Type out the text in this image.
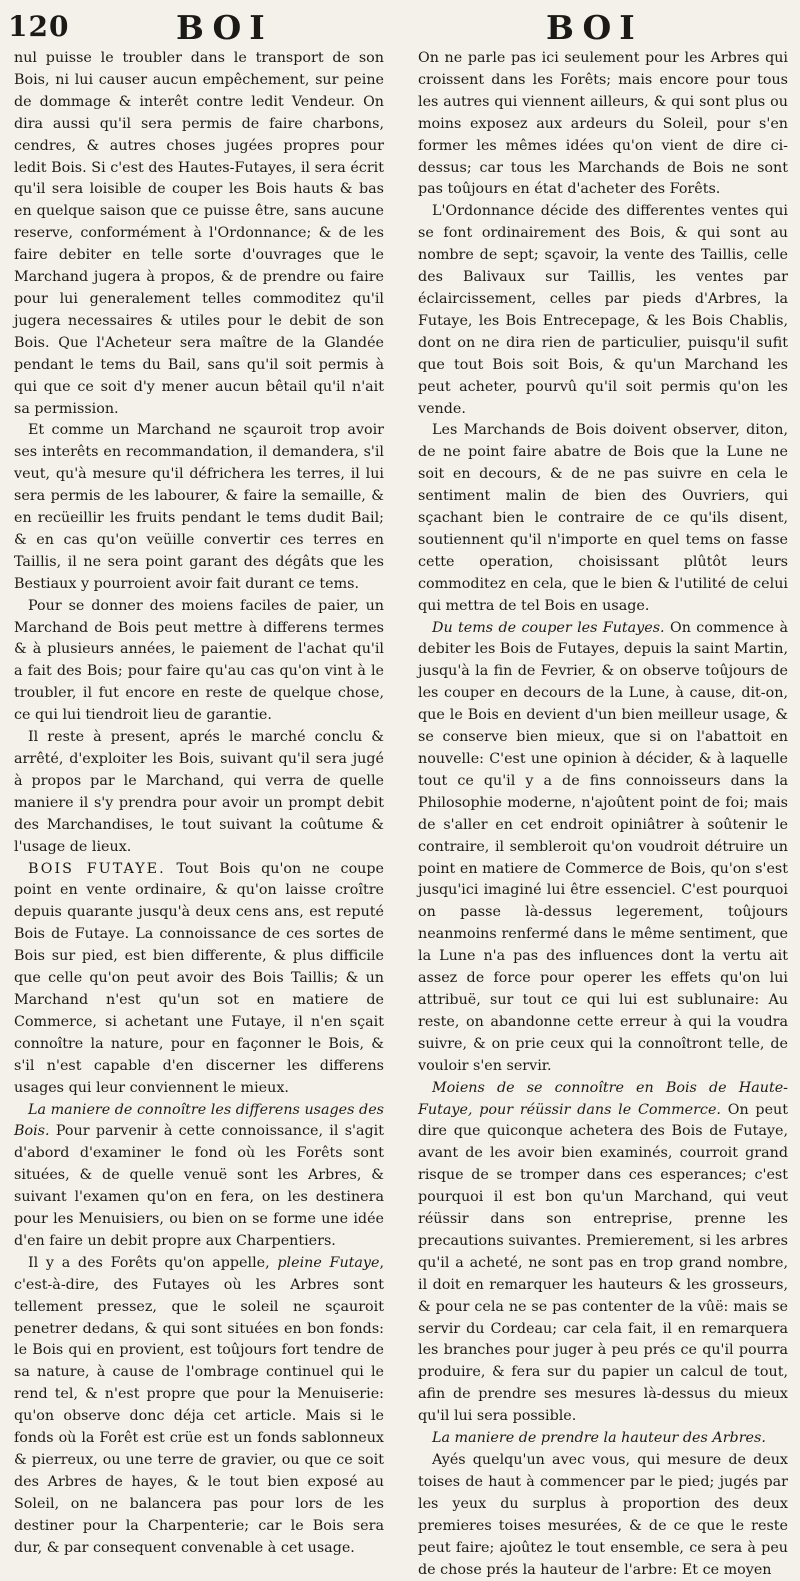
120	BOI	BOI

nul puisse le troubler dans le transport de son Bois, ni lui causer aucun empêchement, sur peine de dommage & interêt contre ledit Vendeur. On dira aussi qu'il sera permis de faire charbons, cendres, & autres choses jugées propres pour ledit Bois. Si c'est des Hautes-Futayes, il sera écrit qu'il sera loisible de couper les Bois hauts & bas en quelque saison que ce puisse être, sans aucune reserve, conformément à l'Ordonnance; & de les faire debiter en telle sorte d'ouvrages que le Marchand jugera à propos, & de prendre ou faire pour lui generalement telles commoditez qu'il jugera necessaires & utiles pour le debit de son Bois. Que l'Acheteur sera maître de la Glandée pendant le tems du Bail, sans qu'il soit permis à qui que ce soit d'y mener aucun bêtail qu'il n'ait sa permission.

Et comme un Marchand ne sçauroit trop avoir ses interêts en recommandation, il demandera, s'il veut, qu'à mesure qu'il défrichera les terres, il lui sera permis de les labourer, & faire la semaille, & en recüeillir les fruits pendant le tems dudit Bail; & en cas qu'on veüille convertir ces terres en Taillis, il ne sera point garant des dégâts que les Bestiaux y pourroient avoir fait durant ce tems.

Pour se donner des moiens faciles de paier, un Marchand de Bois peut mettre à differens termes & à plusieurs années, le paiement de l'achat qu'il a fait des Bois; pour faire qu'au cas qu'on vint à le troubler, il fut encore en reste de quelque chose, ce qui lui tiendroit lieu de garantie.

Il reste à present, aprés le marché conclu & arrêté, d'exploiter les Bois, suivant qu'il sera jugé à propos par le Marchand, qui verra de quelle maniere il s'y prendra pour avoir un prompt debit des Marchandises, le tout suivant la coûtume & l'usage de lieux.

BOIS FUTAYE. Tout Bois qu'on ne coupe point en vente ordinaire, & qu'on laisse croître depuis quarante jusqu'à deux cens ans, est reputé Bois de Futaye. La connoissance de ces sortes de Bois sur pied, est bien differente, & plus difficile que celle qu'on peut avoir des Bois Taillis; & un Marchand n'est qu'un sot en matiere de Commerce, si achetant une Futaye, il n'en sçait connoître la nature, pour en façonner le Bois, & s'il n'est capable d'en discerner les differens usages qui leur conviennent le mieux.

La maniere de connoître les differens usages des Bois. Pour parvenir à cette connoissance, il s'agit d'abord d'examiner le fond où les Forêts sont situées, & de quelle venuë sont les Arbres, & suivant l'examen qu'on en fera, on les destinera pour les Menuisiers, ou bien on se forme une idée d'en faire un debit propre aux Charpentiers.

Il y a des Forêts qu'on appelle, pleine Futaye, c'est-à-dire, des Futayes où les Arbres sont tellement pressez, que le soleil ne sçauroit penetrer dedans, & qui sont situées en bon fonds: le Bois qui en provient, est toûjours fort tendre de sa nature, à cause de l'ombrage continuel qui le rend tel, & n'est propre que pour la Menuiserie: qu'on observe donc déja cet article. Mais si le fonds où la Forêt est crüe est un fonds sablonneux & pierreux, ou une terre de gravier, ou que ce soit des Arbres de hayes, & le tout bien exposé au Soleil, on ne balancera pas pour lors de les destiner pour la Charpenterie; car le Bois sera dur, & par consequent convenable à cet usage.

On ne parle pas ici seulement pour les Arbres qui croissent dans les Forêts; mais encore pour tous les autres qui viennent ailleurs, & qui sont plus ou moins exposez aux ardeurs du Soleil, pour s'en former les mêmes idées qu'on vient de dire ci-dessus; car tous les Marchands de Bois ne sont pas toûjours en état d'acheter des Forêts.

L'Ordonnance décide des differentes ventes qui se font ordinairement des Bois, & qui sont au nombre de sept; sçavoir, la vente des Taillis, celle des Balivaux sur Taillis, les ventes par éclaircissement, celles par pieds d'Arbres, la Futaye, les Bois Entrecepage, & les Bois Chablis, dont on ne dira rien de particulier, puisqu'il sufit que tout Bois soit Bois, & qu'un Marchand les peut acheter, pourvû qu'il soit permis qu'on les vende.

Les Marchands de Bois doivent observer, diton, de ne point faire abatre de Bois que la Lune ne soit en decours, & de ne pas suivre en cela le sentiment malin de bien des Ouvriers, qui sçachant bien le contraire de ce qu'ils disent, soutiennent qu'il n'importe en quel tems on fasse cette operation, choisissant plûtôt leurs commoditez en cela, que le bien & l'utilité de celui qui mettra de tel Bois en usage.

Du tems de couper les Futayes. On commence à debiter les Bois de Futayes, depuis la saint Martin, jusqu'à la fin de Fevrier, & on observe toûjours de les couper en decours de la Lune, à cause, dit-on, que le Bois en devient d'un bien meilleur usage, & se conserve bien mieux, que si on l'abattoit en nouvelle: C'est une opinion à décider, & à laquelle tout ce qu'il y a de fins connoisseurs dans la Philosophie moderne, n'ajoûtent point de foi; mais de s'aller en cet endroit opiniâtrer à soûtenir le contraire, il sembleroit qu'on voudroit détruire un point en matiere de Commerce de Bois, qu'on s'est jusqu'ici imaginé lui être essenciel. C'est pourquoi on passe là-dessus legerement, toûjours neanmoins renfermé dans le même sentiment, que la Lune n'a pas des influences dont la vertu ait assez de force pour operer les effets qu'on lui attribuë, sur tout ce qui lui est sublunaire: Au reste, on abandonne cette erreur à qui la voudra suivre, & on prie ceux qui la connoîtront telle, de vouloir s'en servir.

Moiens de se connoître en Bois de Haute-Futaye, pour réüssir dans le Commerce. On peut dire que quiconque achetera des Bois de Futaye, avant de les avoir bien examinés, courroit grand risque de se tromper dans ces esperances; c'est pourquoi il est bon qu'un Marchand, qui veut réüssir dans son entreprise, prenne les precautions suivantes. Premierement, si les arbres qu'il a acheté, ne sont pas en trop grand nombre, il doit en remarquer les hauteurs & les grosseurs, & pour cela ne se pas contenter de la vûë: mais se servir du Cordeau; car cela fait, il en remarquera les branches pour juger à peu prés ce qu'il pourra produire, & fera sur du papier un calcul de tout, afin de prendre ses mesures là-dessus du mieux qu'il lui sera possible.

La maniere de prendre la hauteur des Arbres.

Ayés quelqu'un avec vous, qui mesure de deux toises de haut à commencer par le pied; jugés par les yeux du surplus à proportion des deux premieres toises mesurées, & de ce que le reste peut faire; ajoûtez le tout ensemble, ce sera à peu de chose prés la hauteur de l'arbre: Et ce moyen
